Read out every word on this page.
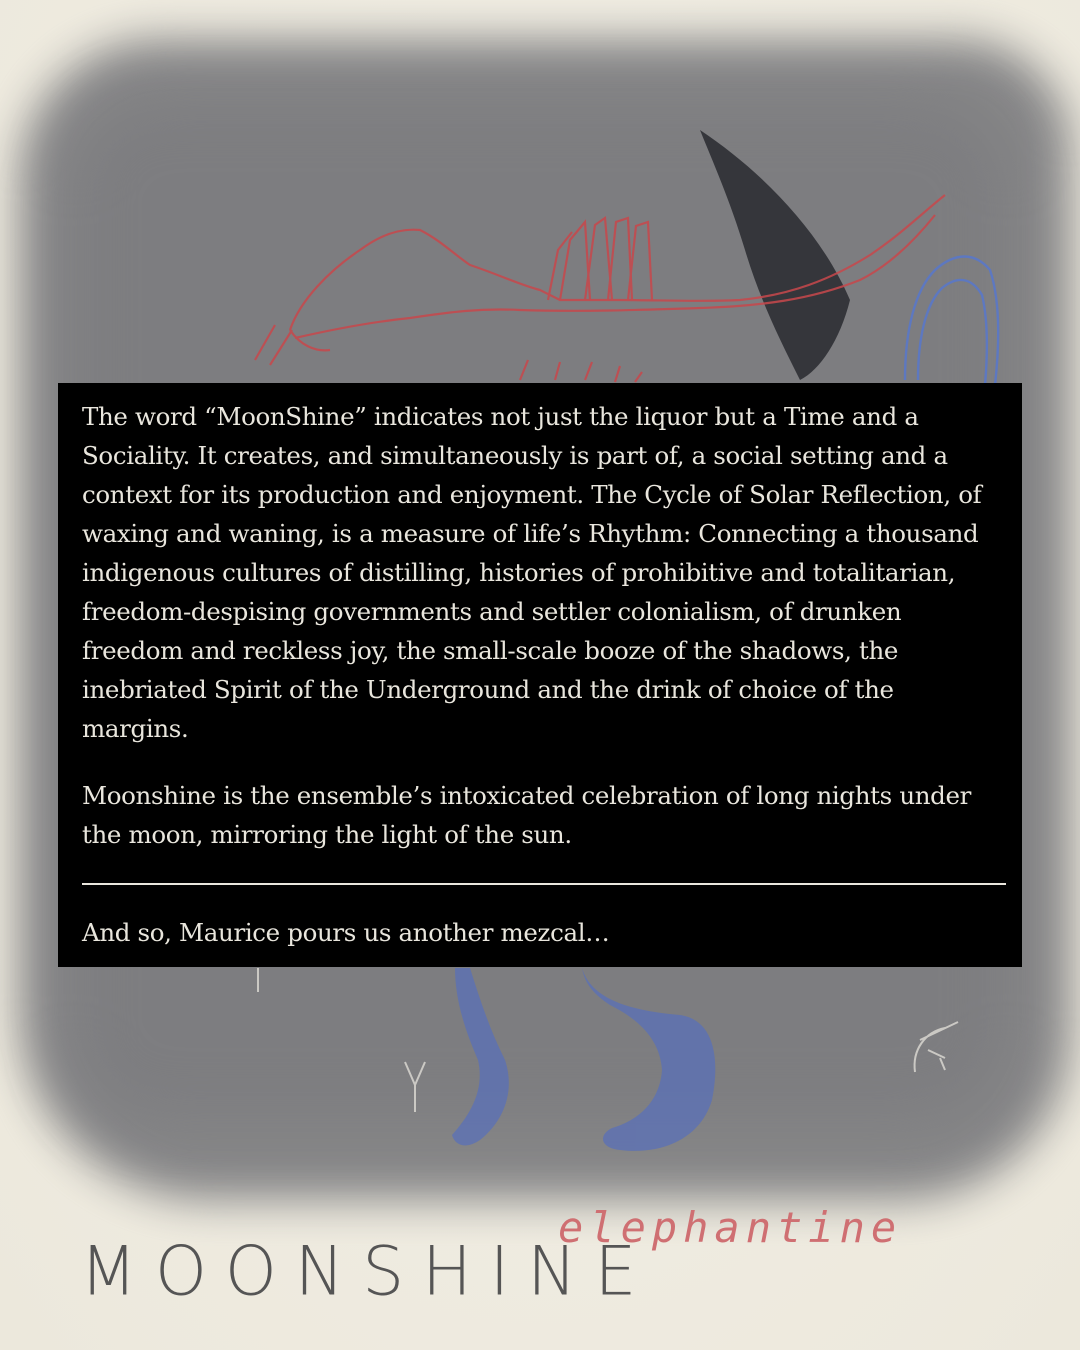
The word “MoonShine” indicates not just the liquor but a Time and a Sociality. It creates, and simultaneously is part of, a social setting and a context for its production and enjoyment. The Cycle of Solar Reflection, of waxing and waning, is a measure of life’s Rhythm: Connecting a thousand indigenous cultures of distilling, histories of prohibitive and totalitarian, freedom-despising governments and settler colonialism, of drunken freedom and reckless joy, the small-scale booze of the shadows, the inebriated Spirit of the Underground and the drink of choice of the margins.

Moonshine is the ensemble’s intoxicated celebration of long nights under the moon, mirroring the light of the sun.

And so, Maurice pours us another mezcal…

elephantine
MOONSHINE
